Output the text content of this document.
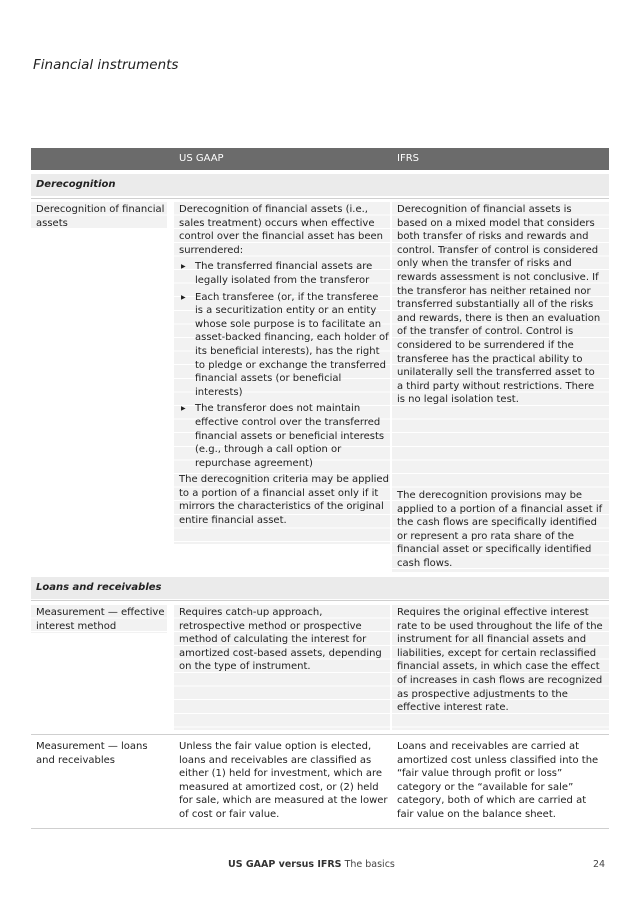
Financial instruments
US GAAP	IFRS
Derecognition
Derecognition of financial assets
Derecognition of financial assets (i.e., sales treatment) occurs when effective control over the financial asset has been surrendered:
▶ The transferred financial assets are legally isolated from the transferor
▶ Each transferee (or, if the transferee is a securitization entity or an entity whose sole purpose is to facilitate an asset-backed financing, each holder of its beneficial interests), has the right to pledge or exchange the transferred financial assets (or beneficial interests)
▶ The transferor does not maintain effective control over the transferred financial assets or beneficial interests (e.g., through a call option or repurchase agreement)
The derecognition criteria may be applied to a portion of a financial asset only if it mirrors the characteristics of the original entire financial asset.
Derecognition of financial assets is based on a mixed model that considers both transfer of risks and rewards and control. Transfer of control is considered only when the transfer of risks and rewards assessment is not conclusive. If the transferor has neither retained nor transferred substantially all of the risks and rewards, there is then an evaluation of the transfer of control. Control is considered to be surrendered if the transferee has the practical ability to unilaterally sell the transferred asset to a third party without restrictions. There is no legal isolation test.
The derecognition provisions may be applied to a portion of a financial asset if the cash flows are specifically identified or represent a pro rata share of the financial asset or specifically identified cash flows.
Loans and receivables
Measurement — effective interest method
Requires catch-up approach, retrospective method or prospective method of calculating the interest for amortized cost-based assets, depending on the type of instrument.
Requires the original effective interest rate to be used throughout the life of the instrument for all financial assets and liabilities, except for certain reclassified financial assets, in which case the effect of increases in cash flows are recognized as prospective adjustments to the effective interest rate.
Measurement — loans and receivables
Unless the fair value option is elected, loans and receivables are classified as either (1) held for investment, which are measured at amortized cost, or (2) held for sale, which are measured at the lower of cost or fair value.
Loans and receivables are carried at amortized cost unless classified into the “fair value through profit or loss” category or the “available for sale” category, both of which are carried at fair value on the balance sheet.
US GAAP versus IFRS The basics	24
